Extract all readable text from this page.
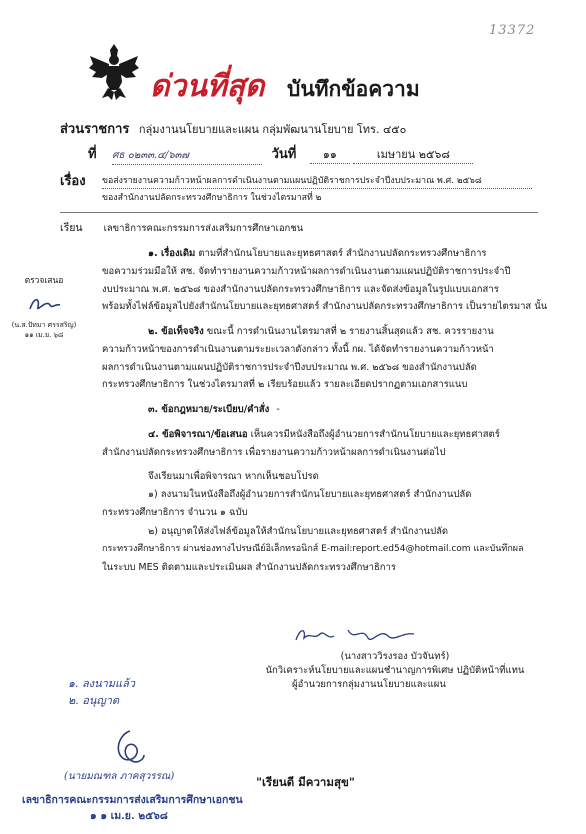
13372
ด่วนที่สุด บันทึกข้อความ
ส่วนราชการ กลุ่มงานนโยบายและแผน กลุ่มพัฒนานโยบาย โทร. ๔๕๐
ที่ ศธ ๐๒๓๓.๔/๖๓๗	วันที่ ๑๑	เมษายน ๒๕๖๘
เรื่อง ขอส่งรายงานความก้าวหน้าผลการดำเนินงานตามแผนปฏิบัติราชการประจำปีงบประมาณ พ.ศ. ๒๕๖๘

ของสำนักงานปลัดกระทรวงศึกษาธิการ ในช่วงไตรมาสที่ ๒

เรียน เลขาธิการคณะกรรมการส่งเสริมการศึกษาเอกชน

๑. เรื่องเดิม ตามที่สำนักนโยบายและยุทธศาสตร์ สำนักงานปลัดกระทรวงศึกษาธิการ

ขอความร่วมมือให้ สช. จัดทำรายงานความก้าวหน้าผลการดำเนินงานตามแผนปฏิบัติราชการประจำปี

งบประมาณ พ.ศ. ๒๕๖๘ ของสำนักงานปลัดกระทรวงศึกษาธิการ และจัดส่งข้อมูลในรูปแบบเอกสาร

พร้อมทั้งไฟล์ข้อมูลไปยังสำนักนโยบายและยุทธศาสตร์ สำนักงานปลัดกระทรวงศึกษาธิการ เป็นรายไตรมาส นั้น

ตรวจเสนอ
(น.ส.ปัทมา ศรรสริญ)
๑๑ เม.ย. ๖๘	๒. ข้อเท็จจริง ขณะนี้ การดำเนินงานไตรมาสที่ ๒ รายงานสิ้นสุดแล้ว สช. ควรรายงาน

ความก้าวหน้าของการดำเนินงานตามระยะเวลาดังกล่าว ทั้งนี้ กผ. ได้จัดทำรายงานความก้าวหน้า

ผลการดำเนินงานตามแผนปฏิบัติราชการประจำปีงบประมาณ พ.ศ. ๒๕๖๘ ของสำนักงานปลัด

กระทรวงศึกษาธิการ ในช่วงไตรมาสที่ ๒ เรียบร้อยแล้ว รายละเอียดปรากฏตามเอกสารแนบ

๓. ข้อกฎหมาย/ระเบียบ/คำสั่ง -

๔. ข้อพิจารณา/ข้อเสนอ เห็นควรมีหนังสือถึงผู้อำนวยการสำนักนโยบายและยุทธศาสตร์

สำนักงานปลัดกระทรวงศึกษาธิการ เพื่อรายงานความก้าวหน้าผลการดำเนินงานต่อไป

จึงเรียนมาเพื่อพิจารณา หากเห็นชอบโปรด

๑) ลงนามในหนังสือถึงผู้อำนวยการสำนักนโยบายและยุทธศาสตร์ สำนักงานปลัด

กระทรวงศึกษาธิการ จำนวน ๑ ฉบับ

๒) อนุญาตให้ส่งไฟล์ข้อมูลให้สำนักนโยบายและยุทธศาสตร์ สำนักงานปลัด

กระทรวงศึกษาธิการ ผ่านช่องทางไปรษณีย์อิเล็กทรอนิกส์ E-mail:report.ed54@hotmail.com และบันทึกผล

ในระบบ MES ติดตามและประเมินผล สำนักงานปลัดกระทรวงศึกษาธิการ

(นางสาววิรงรอง บัวจันทร์)
นักวิเคราะห์นโยบายและแผนชำนาญการพิเศษ ปฏิบัติหน้าที่แทน
ผู้อำนวยการกลุ่มงานนโยบายและแผน
๑. ลงนามแล้ว
๒. อนุญาต
(นายมณฑล ภาคสุวรรณ)
เลขาธิการคณะกรรมการส่งเสริมการศึกษาเอกชน
๑ ๑ เม.ย. ๒๕๖๘
"เรียนดี มีความสุข"
